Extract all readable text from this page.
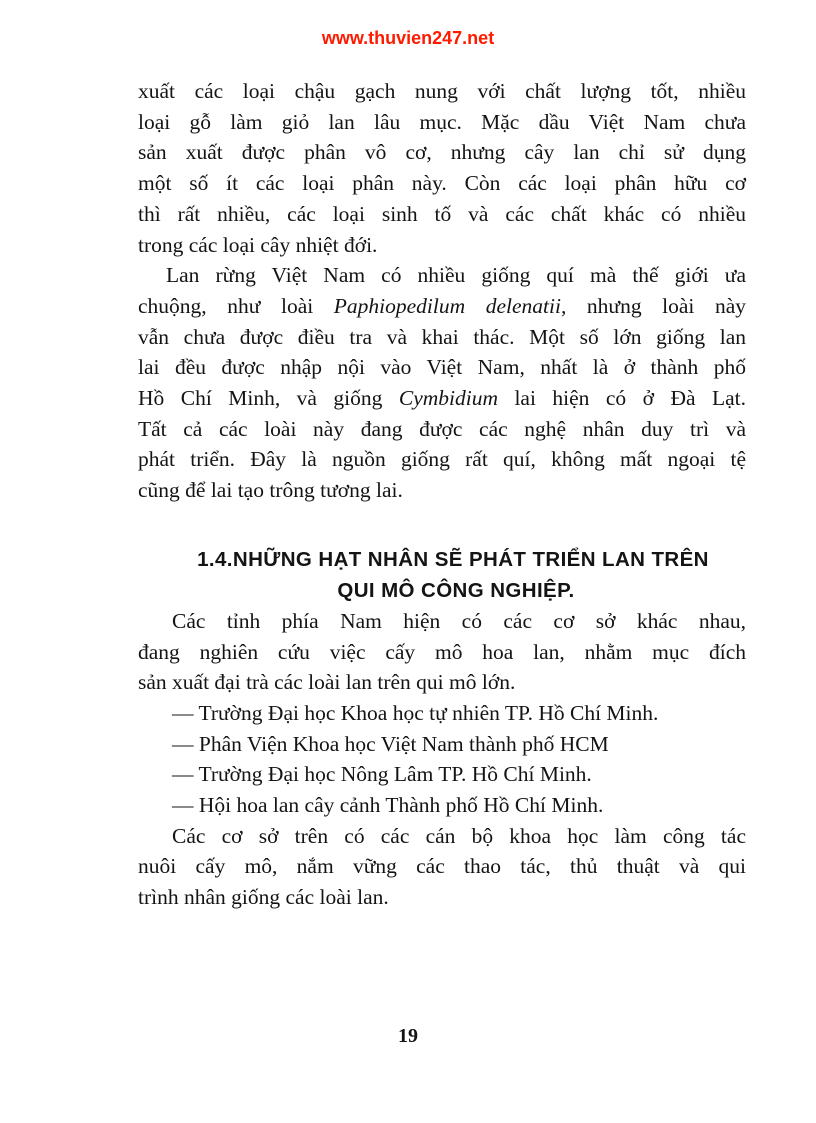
www.thuvien247.net

xuất các loại chậu gạch nung với chất lượng tốt, nhiều
loại gỗ làm giỏ lan lâu mục. Mặc dầu Việt Nam chưa
sản xuất được phân vô cơ, nhưng cây lan chỉ sử dụng
một số ít các loại phân này. Còn các loại phân hữu cơ
thì rất nhiều, các loại sinh tố và các chất khác có nhiều
trong các loại cây nhiệt đới.

Lan rừng Việt Nam có nhiều giống quí mà thế giới ưa
chuộng, như loài Paphiopedilum delenatii, nhưng loài này
vẫn chưa được điều tra và khai thác. Một số lớn giống lan
lai đều được nhập nội vào Việt Nam, nhất là ở thành phố
Hồ Chí Minh, và giống Cymbidium lai hiện có ở Đà Lạt.
Tất cả các loài này đang được các nghệ nhân duy trì và
phát triển. Đây là nguồn giống rất quí, không mất ngoại tệ
cũng để lai tạo trông tương lai.

1.4.NHỮNG HẠT NHÂN SẼ PHÁT TRIỂN LAN TRÊN
QUI MÔ CÔNG NGHIỆP.

Các tỉnh phía Nam hiện có các cơ sở khác nhau,
đang nghiên cứu việc cấy mô hoa lan, nhằm mục đích
sản xuất đại trà các loài lan trên qui mô lớn.

— Trường Đại học Khoa học tự nhiên TP. Hồ Chí Minh.
— Phân Viện Khoa học Việt Nam thành phố HCM
— Trường Đại học Nông Lâm TP. Hồ Chí Minh.
— Hội hoa lan cây cảnh Thành phố Hồ Chí Minh.

Các cơ sở trên có các cán bộ khoa học làm công tác
nuôi cấy mô, nắm vững các thao tác, thủ thuật và qui
trình nhân giống các loài lan.

19
